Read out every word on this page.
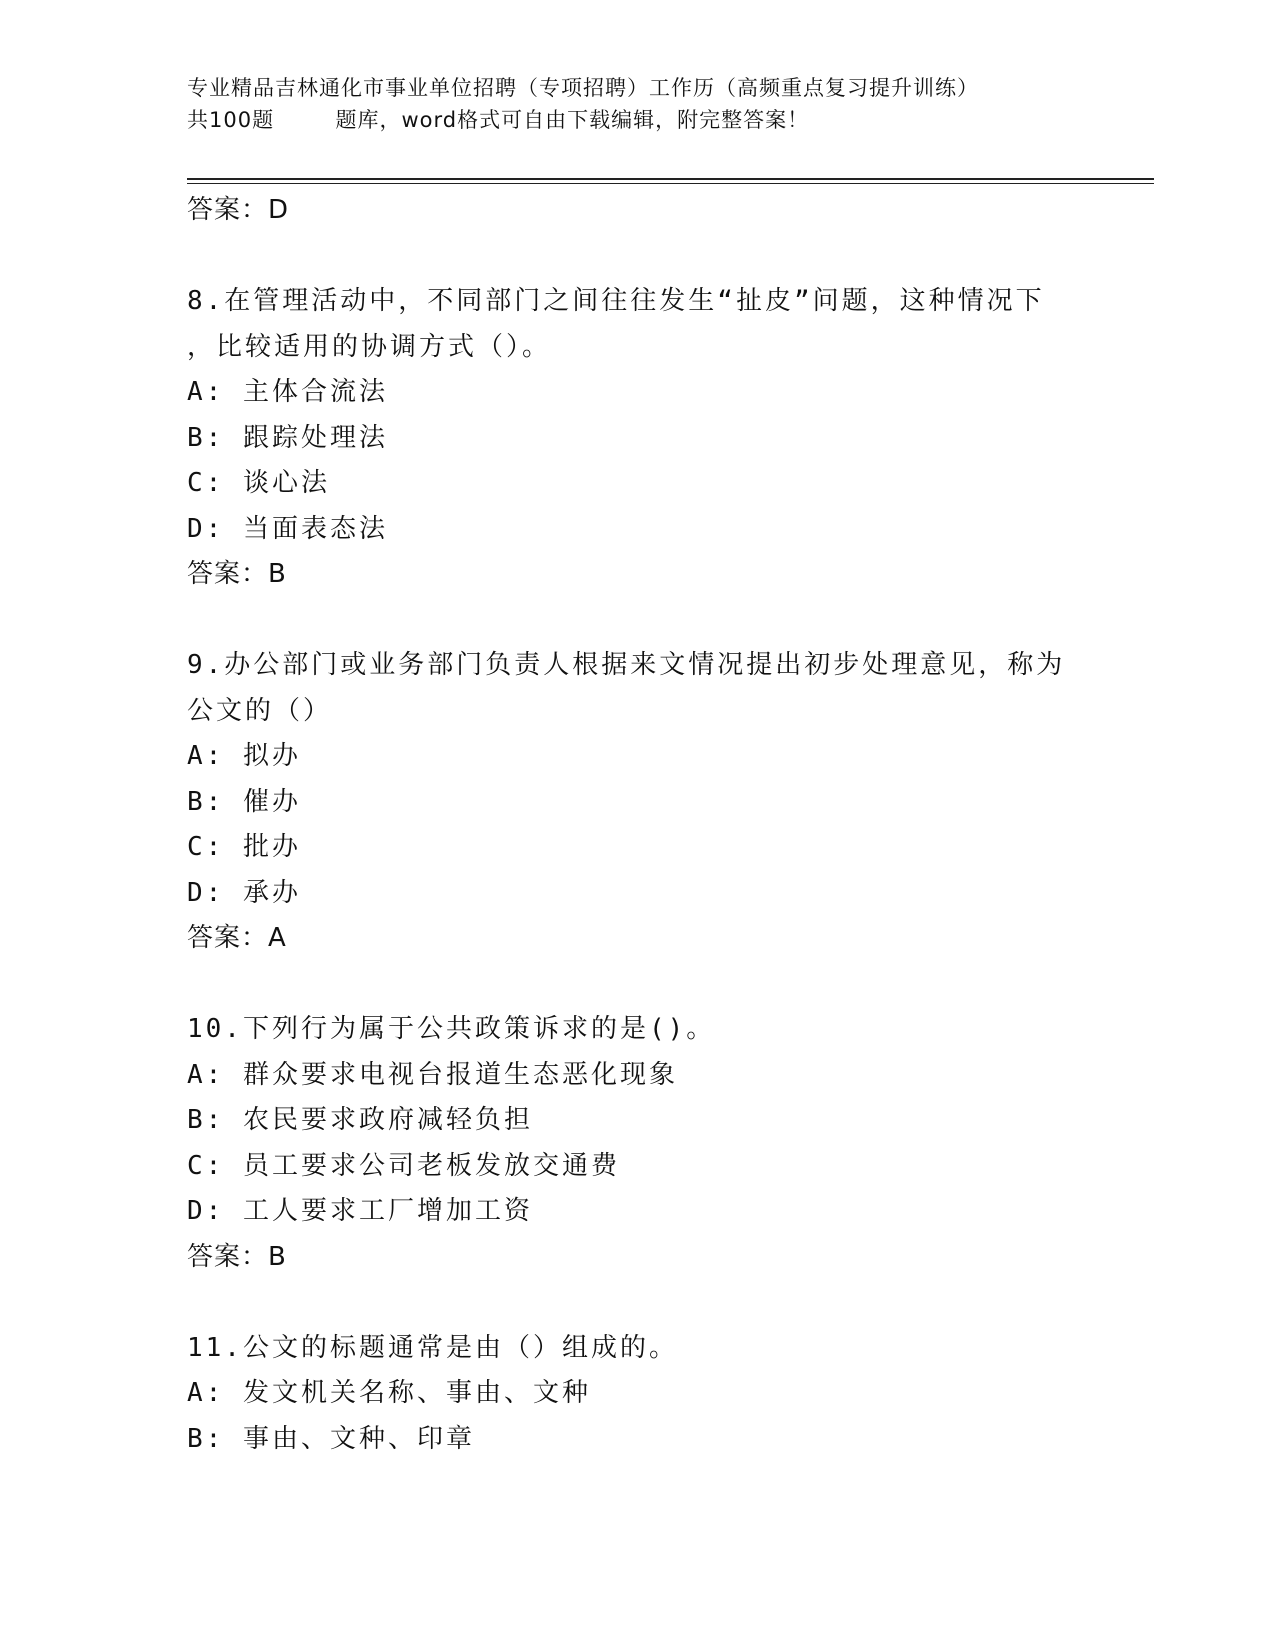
专业精品吉林通化市事业单位招聘（专项招聘）工作历（高频重点复习提升训练）
共100题        题库，word格式可自由下载编辑，附完整答案！

答案：D

8.在管理活动中，不同部门之间往往发生“扯皮”问题，这种情况下

，比较适用的协调方式（）。

A: 主体合流法

B: 跟踪处理法

C: 谈心法

D: 当面表态法

答案：B

9.办公部门或业务部门负责人根据来文情况提出初步处理意见，称为

公文的（）

A: 拟办

B: 催办

C: 批办

D: 承办

答案：A

10.下列行为属于公共政策诉求的是()。

A: 群众要求电视台报道生态恶化现象

B: 农民要求政府减轻负担

C: 员工要求公司老板发放交通费

D: 工人要求工厂增加工资

答案：B

11.公文的标题通常是由（）组成的。

A: 发文机关名称、事由、文种

B: 事由、文种、印章
